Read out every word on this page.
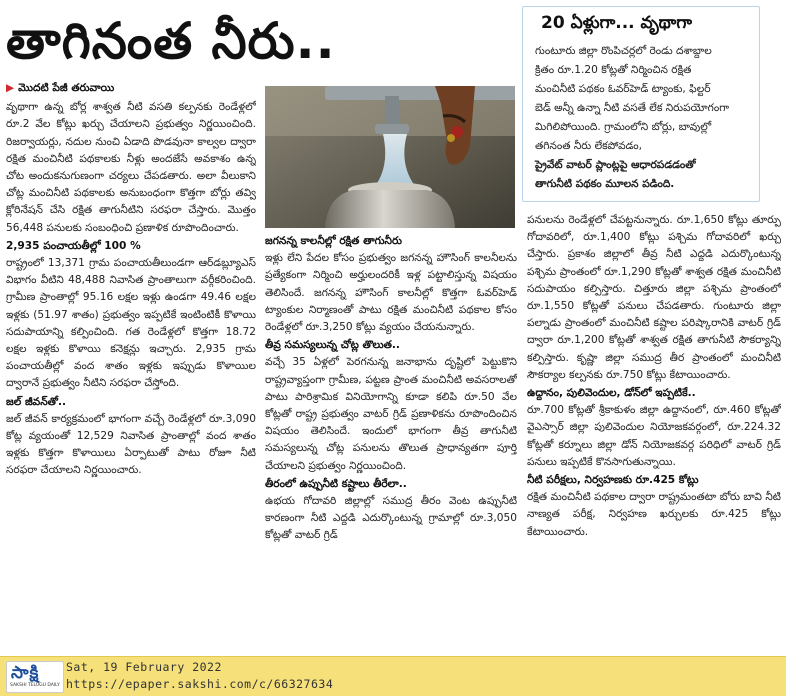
తాగినంత నీరు..	20 ఏళ్లుగా... వృథాగా

గుంటూరు జిల్లా రొంపిచర్లలో రెండు దశాబ్దాల

క్రితం రూ.1.20 కోట్లతో నిర్మించిన రక్షిత

మంచినీటి పథకం ఓవర్‌హెడ్ ట్యాంకు, ఫిల్టర్

బెడ్ అన్నీ ఉన్నా నీటి వసతే లేక నిరుపయోగంగా

మిగిలిపోయింది. గ్రామంలోని బోర్లు, బావుల్లో

తగినంత నీరు లేకపోవడం,

ప్రైవేట్ వాటర్ ప్లాంట్లపై ఆధారపడడంతో

తాగునీటి పథకం మూలన పడింది.

▶ మొదటి పేజీ తరువాయి

వృథాగా ఉన్న బోర్ల శాశ్వత నీటి వసతి కల్పనకు రెండేళ్లలో రూ.2 వేల కోట్లు ఖర్చు చేయాలని ప్రభుత్వం నిర్ణయించింది. రిజర్వాయర్లు, నదుల నుంచి ఏడాది పొడవునా కాల్వల ద్వారా రక్షిత మంచినీటి పథకాలకు నీళ్లు అందజేసే అవకాశం ఉన్న చోట అందుకనుగుణంగా చర్యలు చేపడతారు. అలా వీలుకాని చోట్ల మంచినీటి పథకాలకు అనుబంధంగా కొత్తగా బోర్లు తవ్వి క్లోరినేషన్ చేసి రక్షిత తాగునీటిని సరఫరా చేస్తారు. మొత్తం 56,448 పనులకు సంబంధించి ప్రణాళిక రూపొందించారు.

2,935 పంచాయతీల్లో 100 %

రాష్ట్రంలో 13,371 గ్రామ పంచాయతీలుండగా ఆర్‌డబ్ల్యూఎస్ విభాగం వీటిని 48,488 నివాసిత ప్రాంతాలుగా వర్గీకరించింది. గ్రామీణ ప్రాంతాల్లో 95.16 లక్షల ఇళ్లు ఉండగా 49.46 లక్షల ఇళ్లకు (51.97 శాతం) ప్రభుత్వం ఇప్పటికే ఇంటింటికీ కొళాయి సదుపాయాన్ని కల్పించింది. గత రెండేళ్లలో కొత్తగా 18.72 లక్షల ఇళ్లకు కొళాయి కనెక్షన్లు ఇచ్చారు. 2,935 గ్రామ పంచాయతీల్లో వంద శాతం ఇళ్లకు ఇప్పుడు కొళాయిల ద్వారానే ప్రభుత్వం నీటిని సరఫరా చేస్తోంది.

జల్ జీవన్‌తో..

జల్ జీవన్ కార్యక్రమంలో భాగంగా వచ్చే రెండేళ్లలో రూ.3,090 కోట్ల వ్యయంతో 12,529 నివాసిత ప్రాంతాల్లో వంద శాతం ఇళ్లకు కొత్తగా కొళాయిలు ఏర్పాటుతో పాటు రోజూ నీటి సరఫరా చేయాలని నిర్ణయించారు.

జగనన్న కాలనీల్లో రక్షిత తాగునీరు

ఇళ్లు లేని పేదల కోసం ప్రభుత్వం జగనన్న హౌసింగ్ కాలనీలను ప్రత్యేకంగా నిర్మించి అర్హులందరికీ ఇళ్ల పట్టాలిస్తున్న విషయం తెలిసిందే. జగనన్న హౌసింగ్ కాలనీల్లో కొత్తగా ఓవర్‌హెడ్ ట్యాంకుల నిర్మాణంతో పాటు రక్షిత మంచినీటి పథకాల కోసం రెండేళ్లలో రూ.3,250 కోట్లు వ్యయం చేయనున్నారు.

తీవ్ర సమస్యలున్న చోట్ల తొలుత..

వచ్చే 35 ఏళ్లలో పెరగనున్న జనాభాను దృష్టిలో పెట్టుకొని రాష్ట్రవ్యాప్తంగా గ్రామీణ, పట్టణ ప్రాంత మంచినీటి అవసరాలతో పాటు పారిశ్రామిక వినియోగాన్ని కూడా కలిపి రూ.50 వేల కోట్లతో రాష్ట్ర ప్రభుత్వం వాటర్ గ్రిడ్ ప్రణాళికను రూపొందించిన విషయం తెలిసిందే. ఇందులో భాగంగా తీవ్ర తాగునీటి సమస్యలున్న చోట్ల పనులను తొలుత ప్రాధాన్యతగా పూర్తి చేయాలని ప్రభుత్వం నిర్ణయించింది.

తీరంలో ఉప్పునీటి కష్టాలు తీరేలా..

ఉభయ గోదావరి జిల్లాల్లో సముద్ర తీరం వెంట ఉప్పునీటి కారణంగా నీటి ఎద్దడి ఎదుర్కొంటున్న గ్రామాల్లో రూ.3,050 కోట్లతో వాటర్ గ్రిడ్

పనులను రెండేళ్లలో చేపట్టనున్నారు. రూ.1,650 కోట్లు తూర్పు గోదావరిలో, రూ.1,400 కోట్లు పశ్చిమ గోదావరిలో ఖర్చు చేస్తారు. ప్రకాశం జిల్లాలో తీవ్ర నీటి ఎద్దడి ఎదుర్కొంటున్న పశ్చిమ ప్రాంతంలో రూ.1,290 కోట్లతో శాశ్వత రక్షిత మంచినీటి సదుపాయం కల్పిస్తారు. చిత్తూరు జిల్లా పశ్చిమ ప్రాంతంలో రూ.1,550 కోట్లతో పనులు చేపడతారు. గుంటూరు జిల్లా పల్నాడు ప్రాంతంలో మంచినీటి కష్టాల పరిష్కారానికి వాటర్ గ్రిడ్ ద్వారా రూ.1,200 కోట్లతో శాశ్వత రక్షిత తాగునీటి సౌకర్యాన్ని కల్పిస్తారు. కృష్ణా జిల్లా సముద్ర తీర ప్రాంతంలో మంచినీటి సౌకర్యాల కల్పనకు రూ.750 కోట్లు కేటాయించారు.

ఉద్దానం, పులివెందుల, డోన్‌లో ఇప్పటికే..

రూ.700 కోట్లతో శ్రీకాకుళం జిల్లా ఉద్దానంలో, రూ.460 కోట్లతో వైఎస్సార్ జిల్లా పులివెందుల నియోజకవర్గంలో, రూ.224.32 కోట్లతో కర్నూలు జిల్లా డోన్ నియోజకవర్గ పరిధిలో వాటర్ గ్రిడ్ పనులు ఇప్పటికే కొనసాగుతున్నాయి.

నీటి పరీక్షలు, నిర్వహణకు రూ.425 కోట్లు

రక్షిత మంచినీటి పథకాల ద్వారా రాష్ట్రమంతటా బోరు బావి నీటి నాణ్యత పరీక్ష, నిర్వహణ ఖర్చులకు రూ.425 కోట్లు కేటాయించారు.

సాక్షి
SAKSHI TELUGU DAILY
Sat, 19 February 2022
https://epaper.sakshi.com/c/66327634
